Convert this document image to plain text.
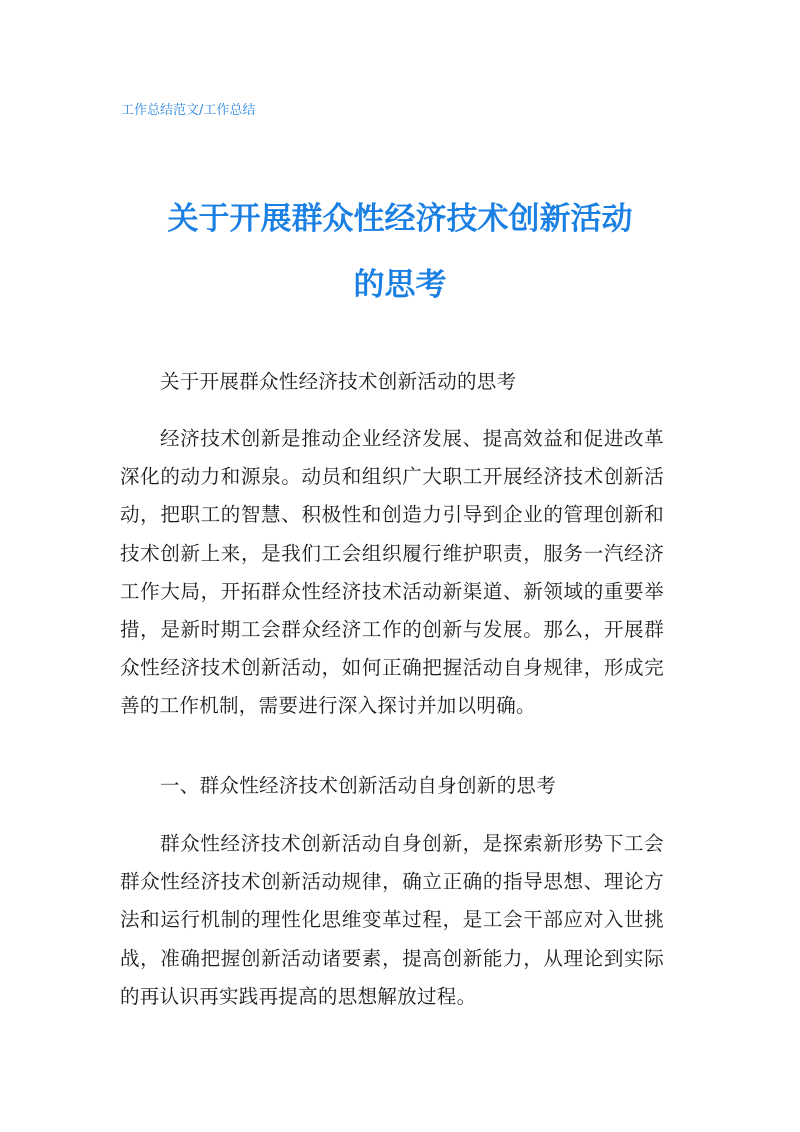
工作总结范文/工作总结
关于开展群众性经济技术创新活动
的思考

关于开展群众性经济技术创新活动的思考

经济技术创新是推动企业经济发展、提高效益和促进改革深化的动力和源泉。动员和组织广大职工开展经济技术创新活动，把职工的智慧、积极性和创造力引导到企业的管理创新和技术创新上来，是我们工会组织履行维护职责，服务一汽经济工作大局，开拓群众性经济技术活动新渠道、新领域的重要举措，是新时期工会群众经济工作的创新与发展。那么，开展群众性经济技术创新活动，如何正确把握活动自身规律，形成完善的工作机制，需要进行深入探讨并加以明确。

一、群众性经济技术创新活动自身创新的思考

群众性经济技术创新活动自身创新，是探索新形势下工会群众性经济技术创新活动规律，确立正确的指导思想、理论方法和运行机制的理性化思维变革过程，是工会干部应对入世挑战，准确把握创新活动诸要素，提高创新能力，从理论到实际的再认识再实践再提高的思想解放过程。
